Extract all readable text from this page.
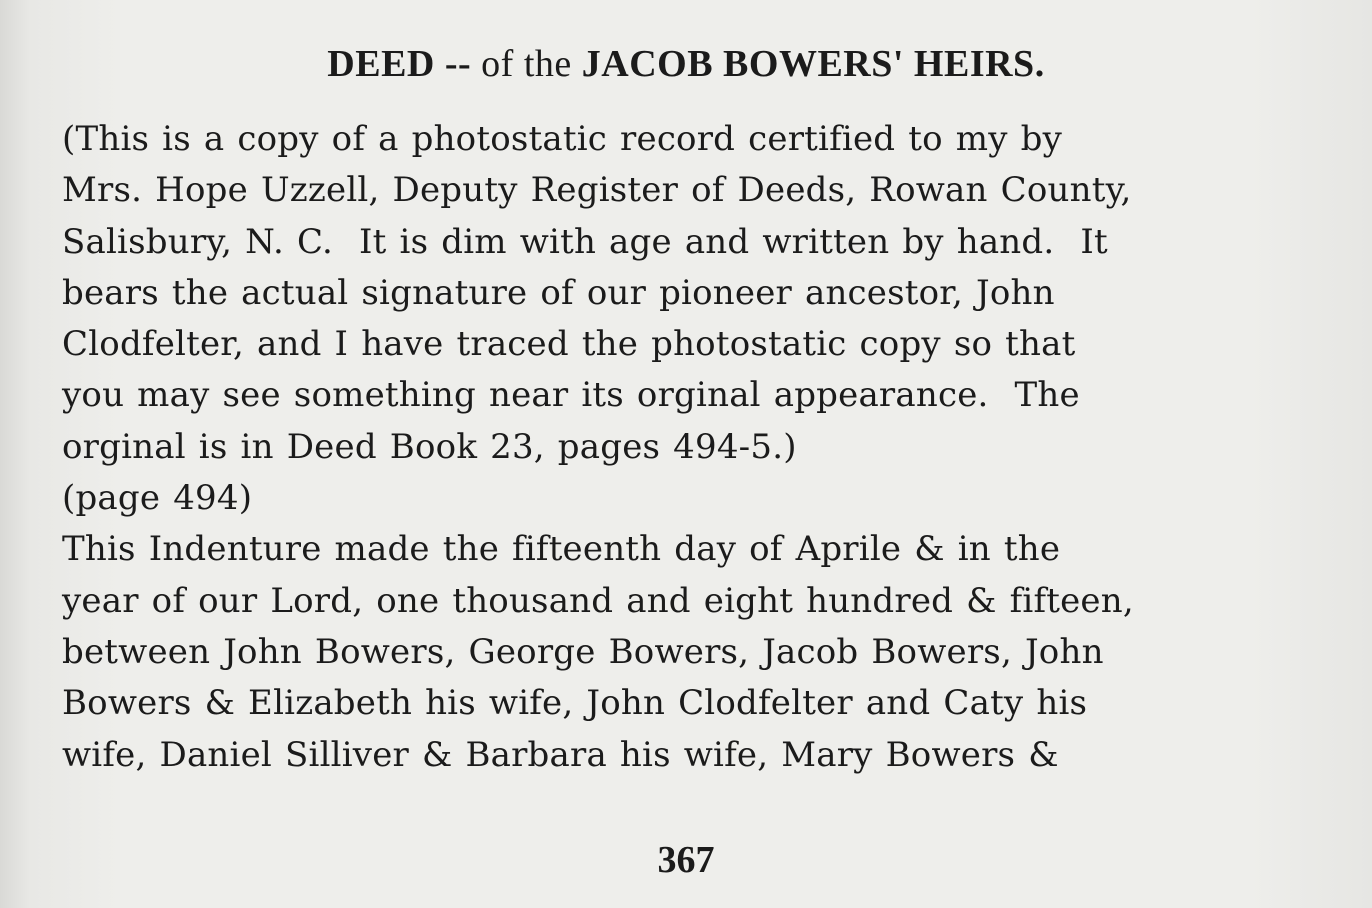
DEED -- of the JACOB BOWERS' HEIRS.
(This is a copy of a photostatic record certified to my by
Mrs. Hope Uzzell, Deputy Register of Deeds, Rowan County,
Salisbury, N. C.  It is dim with age and written by hand.  It
bears the actual signature of our pioneer ancestor, John
Clodfelter, and I have traced the photostatic copy so that
you may see something near its orginal appearance.  The
orginal is in Deed Book 23, pages 494-5.)
(page 494)
This Indenture made the fifteenth day of Aprile & in the
year of our Lord, one thousand and eight hundred & fifteen,
between John Bowers, George Bowers, Jacob Bowers, John
Bowers & Elizabeth his wife, John Clodfelter and Caty his
wife, Daniel Silliver & Barbara his wife, Mary Bowers &
367
